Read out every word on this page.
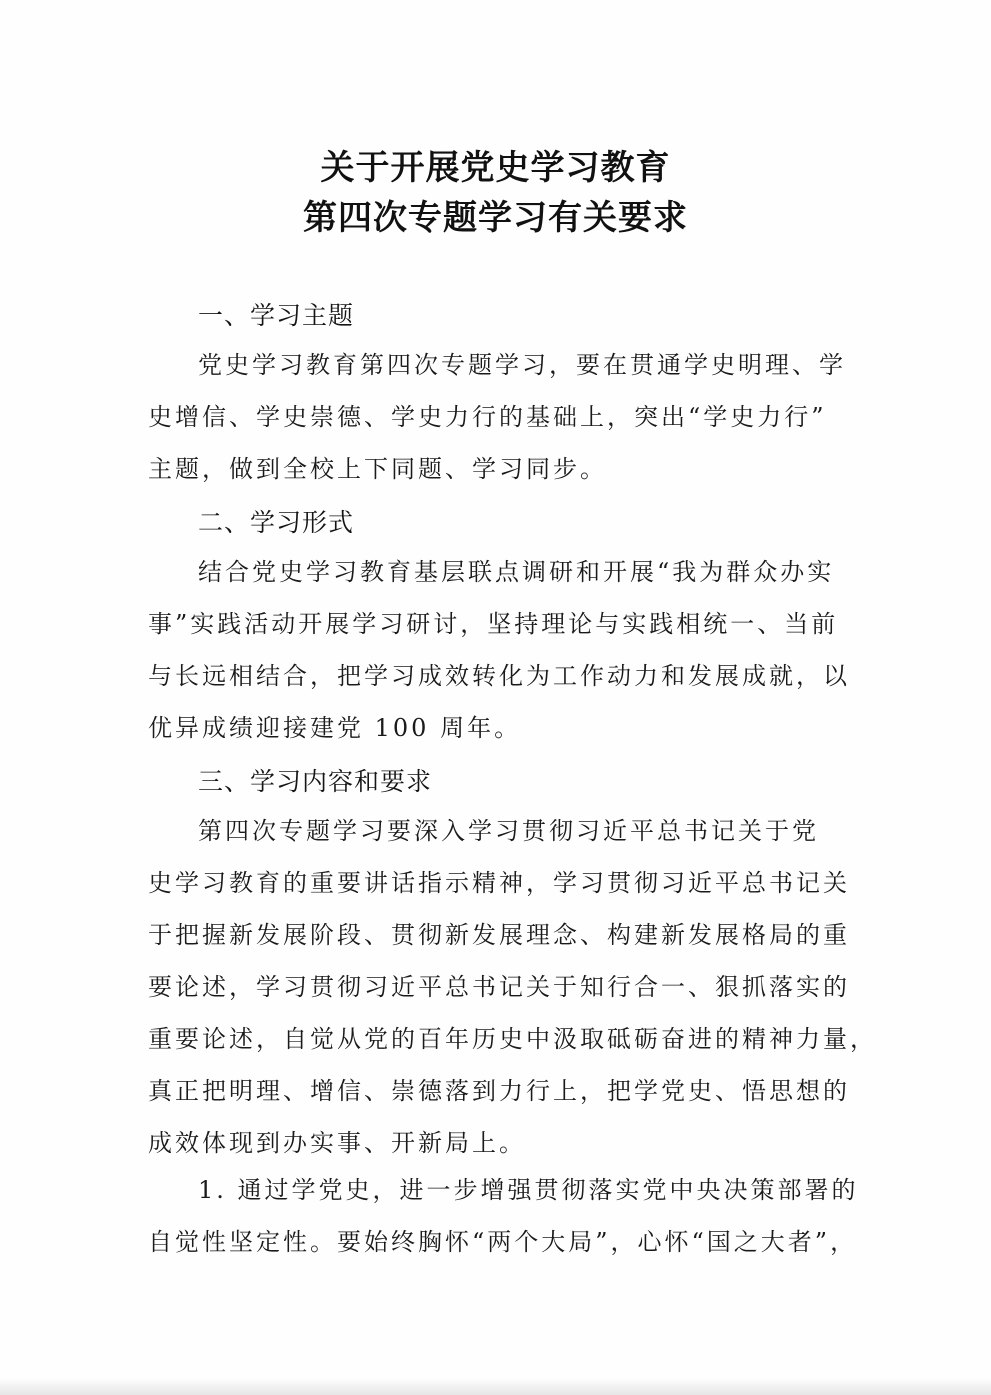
关于开展党史学习教育
第四次专题学习有关要求
一、学习主题
党史学习教育第四次专题学习，要在贯通学史明理、学
史增信、学史崇德、学史力行的基础上，突出“学史力行”
主题，做到全校上下同题、学习同步。
二、学习形式
结合党史学习教育基层联点调研和开展“我为群众办实
事”实践活动开展学习研讨，坚持理论与实践相统一、当前
与长远相结合，把学习成效转化为工作动力和发展成就，以
优异成绩迎接建党 100 周年。
三、学习内容和要求
第四次专题学习要深入学习贯彻习近平总书记关于党
史学习教育的重要讲话指示精神，学习贯彻习近平总书记关
于把握新发展阶段、贯彻新发展理念、构建新发展格局的重
要论述，学习贯彻习近平总书记关于知行合一、狠抓落实的
重要论述，自觉从党的百年历史中汲取砥砺奋进的精神力量，
真正把明理、增信、崇德落到力行上，把学党史、悟思想的
成效体现到办实事、开新局上。
1. 通过学党史，进一步增强贯彻落实党中央决策部署的
自觉性坚定性。要始终胸怀“两个大局”，心怀“国之大者”，
